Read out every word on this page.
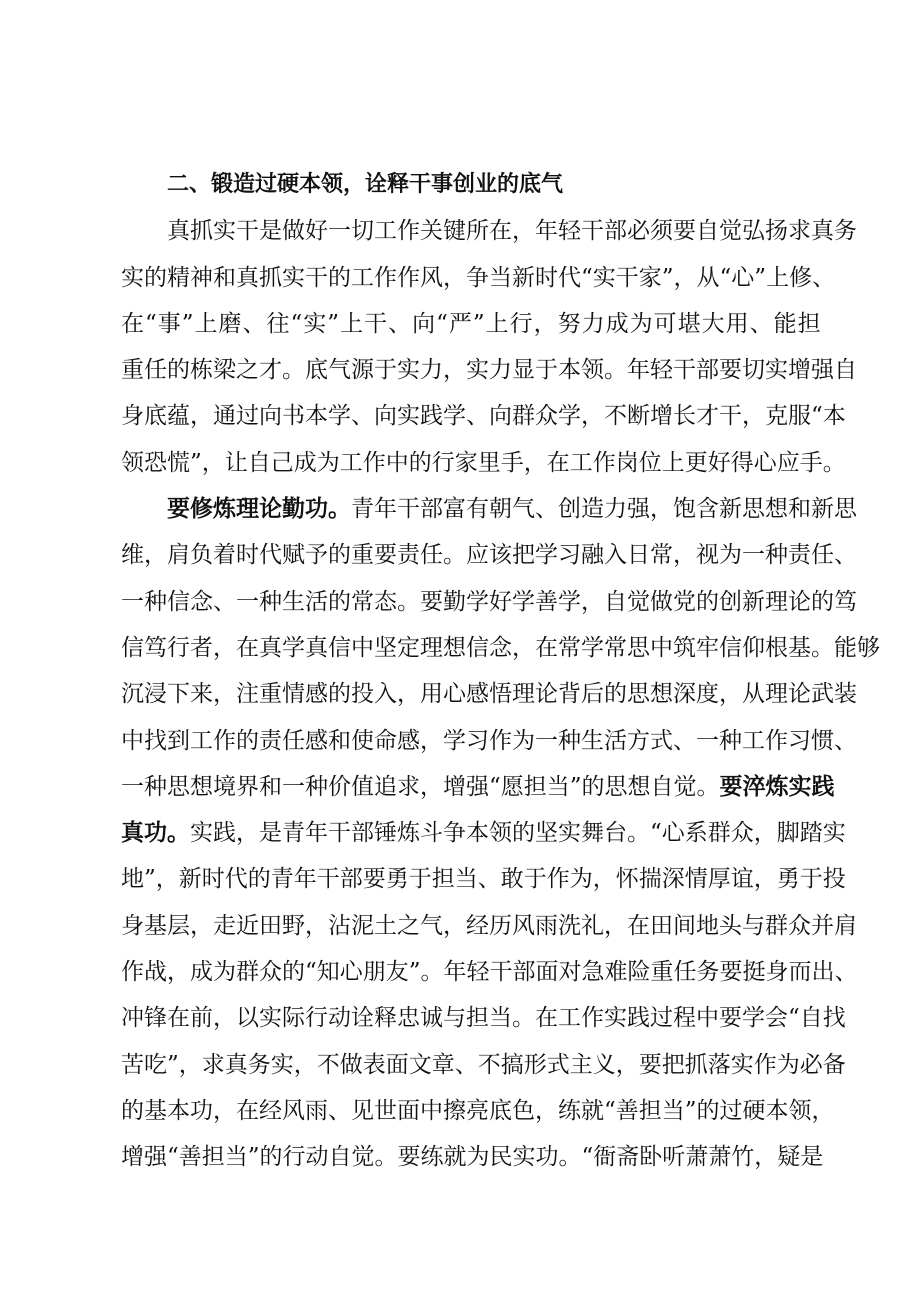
二、锻造过硬本领，诠释干事创业的底气
真 抓 实 干 是 做 好 一 切 工 作 关 键 所 在 ， 年 轻 干 部 必 须 要 自 觉 弘 扬 求 真 务
实 的 精 神 和 真 抓 实 干 的 工 作 作 风 ， 争 当 新 时 代 “ 实 干 家 ” ， 从 “ 心 ” 上 修 、
在 “ 事 ” 上 磨 、 往 “ 实 ” 上 干 、 向 “ 严 ” 上 行 ， 努 力 成 为 可 堪 大 用 、 能 担
重 任 的 栋 梁 之 才 。 底 气 源 于 实 力 ， 实 力 显 于 本 领 。 年 轻 干 部 要 切 实 增 强 自
身 底 蕴 ， 通 过 向 书 本 学 、 向 实 践 学 、 向 群 众 学 ， 不 断 增 长 才 干 ， 克 服 “ 本
领恐慌”，让自己成为工作中的行家里手，在工作岗位上更好得心应手。
要修炼理论勤功。 青年干部富有朝气、创造力强，饱含新思想和新思
维 ， 肩 负 着 时 代 赋 予 的 重 要 责 任 。 应 该 把 学 习 融 入 日 常 ， 视 为 一 种 责 任 、
一 种 信 念 、 一 种 生 活 的 常 态 。 要 勤 学 好 学 善 学 ， 自 觉 做 党 的 创 新 理 论 的 笃
信 笃 行 者 ， 在 真 学 真 信 中 坚 定 理 想 信 念 ， 在 常 学 常 思 中 筑 牢 信 仰 根 基 。 能 够
沉 浸 下 来 ， 注 重 情 感 的 投 入 ， 用 心 感 悟 理 论 背 后 的 思 想 深 度 ， 从 理 论 武 装
中 找 到 工 作 的 责 任 感 和 使 命 感 ， 学 习 作 为 一 种 生 活 方 式 、 一 种 工 作 习 惯 、
一种思想境界和一种价值追求，增强“愿担当”的思想自觉。 要淬炼实践
真功。 实践，是青年干部锤炼斗争本领的坚实舞台。“心系群众，脚踏实
地 ” ， 新 时 代 的 青 年 干 部 要 勇 于 担 当 、 敢 于 作 为 ， 怀 揣 深 情 厚 谊 ， 勇 于 投
身 基 层 ， 走 近 田 野 ， 沾 泥 土 之 气 ， 经 历 风 雨 洗 礼 ， 在 田 间 地 头 与 群 众 并 肩
作 战 ， 成 为 群 众 的 “ 知 心 朋 友 ” 。 年 轻 干 部 面 对 急 难 险 重 任 务 要 挺 身 而 出 、
冲 锋 在 前 ， 以 实 际 行 动 诠 释 忠 诚 与 担 当 。 在 工 作 实 践 过 程 中 要 学 会 “ 自 找
苦 吃 ” ， 求 真 务 实 ， 不 做 表 面 文 章 、 不 搞 形 式 主 义 ， 要 把 抓 落 实 作 为 必 备
的 基 本 功 ， 在 经 风 雨 、 见 世 面 中 擦 亮 底 色 ， 练 就 “ 善 担 当 ” 的 过 硬 本 领 ，
增 强 “ 善 担 当 ” 的 行 动 自 觉 。 要 练 就 为 民 实 功 。 “ 衙 斋 卧 听 萧 萧 竹 ， 疑 是
